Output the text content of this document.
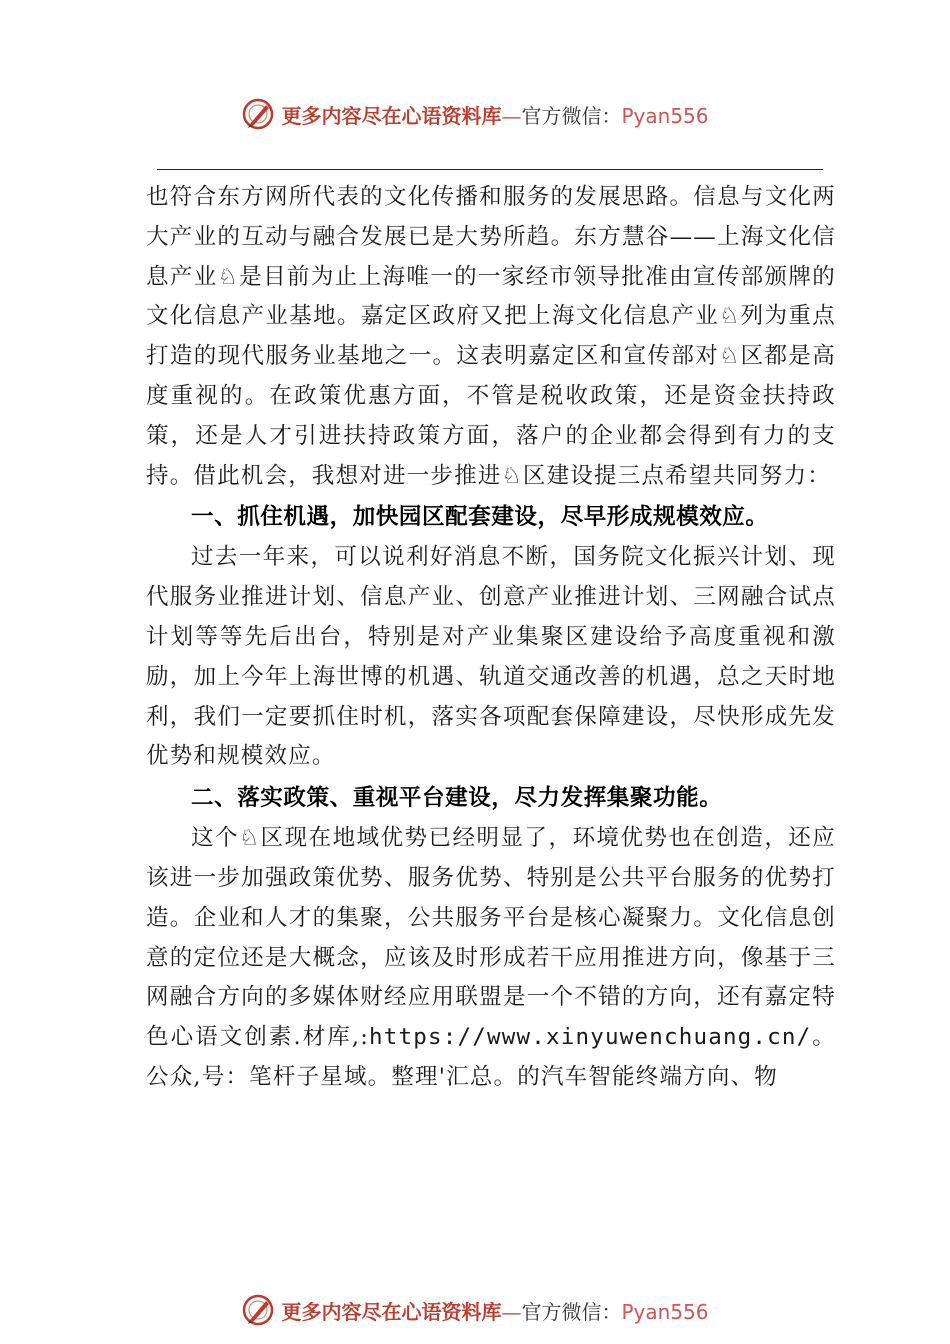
更多内容尽在心语资料库—官方微信：Pyan556

也符合东方网所代表的文化传播和服务的发展思路。信息与文化两大产业的互动与融合发展已是大势所趋。东方慧谷——上海文化信息产业♘是目前为止上海唯一的一家经市领导批准由宣传部颁牌的文化信息产业基地。嘉定区政府又把上海文化信息产业♘列为重点打造的现代服务业基地之一。这表明嘉定区和宣传部对♘区都是高度重视的。在政策优惠方面，不管是税收政策，还是资金扶持政策，还是人才引进扶持政策方面，落户的企业都会得到有力的支持。借此机会，我想对进一步推进♘区建设提三点希望共同努力：

一、抓住机遇，加快园区配套建设，尽早形成规模效应。

过去一年来，可以说利好消息不断，国务院文化振兴计划、现代服务业推进计划、信息产业、创意产业推进计划、三网融合试点计划等等先后出台，特别是对产业集聚区建设给予高度重视和激励，加上今年上海世博的机遇、轨道交通改善的机遇，总之天时地利，我们一定要抓住时机，落实各项配套保障建设，尽快形成先发优势和规模效应。

二、落实政策、重视平台建设，尽力发挥集聚功能。

这个♘区现在地域优势已经明显了，环境优势也在创造，还应该进一步加强政策优势、服务优势、特别是公共平台服务的优势打造。企业和人才的集聚，公共服务平台是核心凝聚力。文化信息创意的定位还是大概念，应该及时形成若干应用推进方向，像基于三网融合方向的多媒体财经应用联盟是一个不错的方向，还有嘉定特色心语文创素.材库,:https://www.xinyuwenchuang.cn/。公众,号：笔杆子星域。整理'汇总。的汽车智能终端方向、物

更多内容尽在心语资料库—官方微信：Pyan556
